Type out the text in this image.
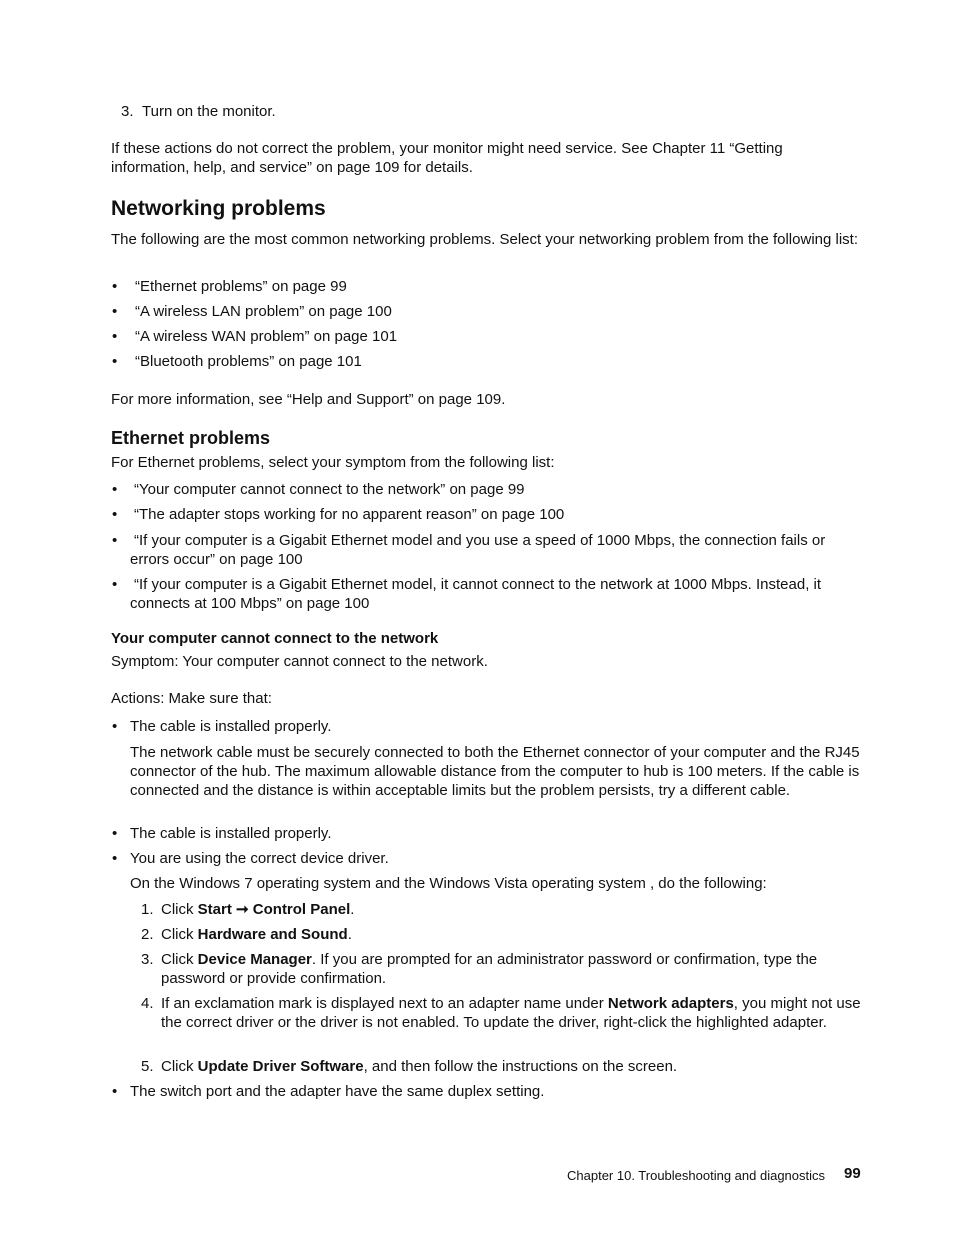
3. Turn on the monitor.

If these actions do not correct the problem, your monitor might need service. See Chapter 11 “Getting information, help, and service” on page 109 for details.

Networking problems

The following are the most common networking problems. Select your networking problem from the following list:

• “Ethernet problems” on page 99
• “A wireless LAN problem” on page 100
• “A wireless WAN problem” on page 101
• “Bluetooth problems” on page 101

For more information, see “Help and Support” on page 109.

Ethernet problems

For Ethernet problems, select your symptom from the following list:

• “Your computer cannot connect to the network” on page 99
• “The adapter stops working for no apparent reason” on page 100
• “If your computer is a Gigabit Ethernet model and you use a speed of 1000 Mbps, the connection fails or errors occur” on page 100

• “If your computer is a Gigabit Ethernet model, it cannot connect to the network at 1000 Mbps. Instead, it connects at 100 Mbps” on page 100

Your computer cannot connect to the network

Symptom: Your computer cannot connect to the network.

Actions: Make sure that:

• The cable is installed properly.

The network cable must be securely connected to both the Ethernet connector of your computer and the RJ45 connector of the hub. The maximum allowable distance from the computer to hub is 100 meters. If the cable is connected and the distance is within acceptable limits but the problem persists, try a different cable.

• The cable is installed properly.
• You are using the correct device driver.

On the Windows 7 operating system and the Windows Vista operating system , do the following:

1. Click Start ➞ Control Panel.

2. Click Hardware and Sound.

3. Click Device Manager. If you are prompted for an administrator password or confirmation, type the password or provide confirmation.

4. If an exclamation mark is displayed next to an adapter name under Network adapters, you might not use the correct driver or the driver is not enabled. To update the driver, right-click the highlighted adapter.

5. Click Update Driver Software, and then follow the instructions on the screen.

• The switch port and the adapter have the same duplex setting.
Chapter 10. Troubleshooting and diagnostics 99
